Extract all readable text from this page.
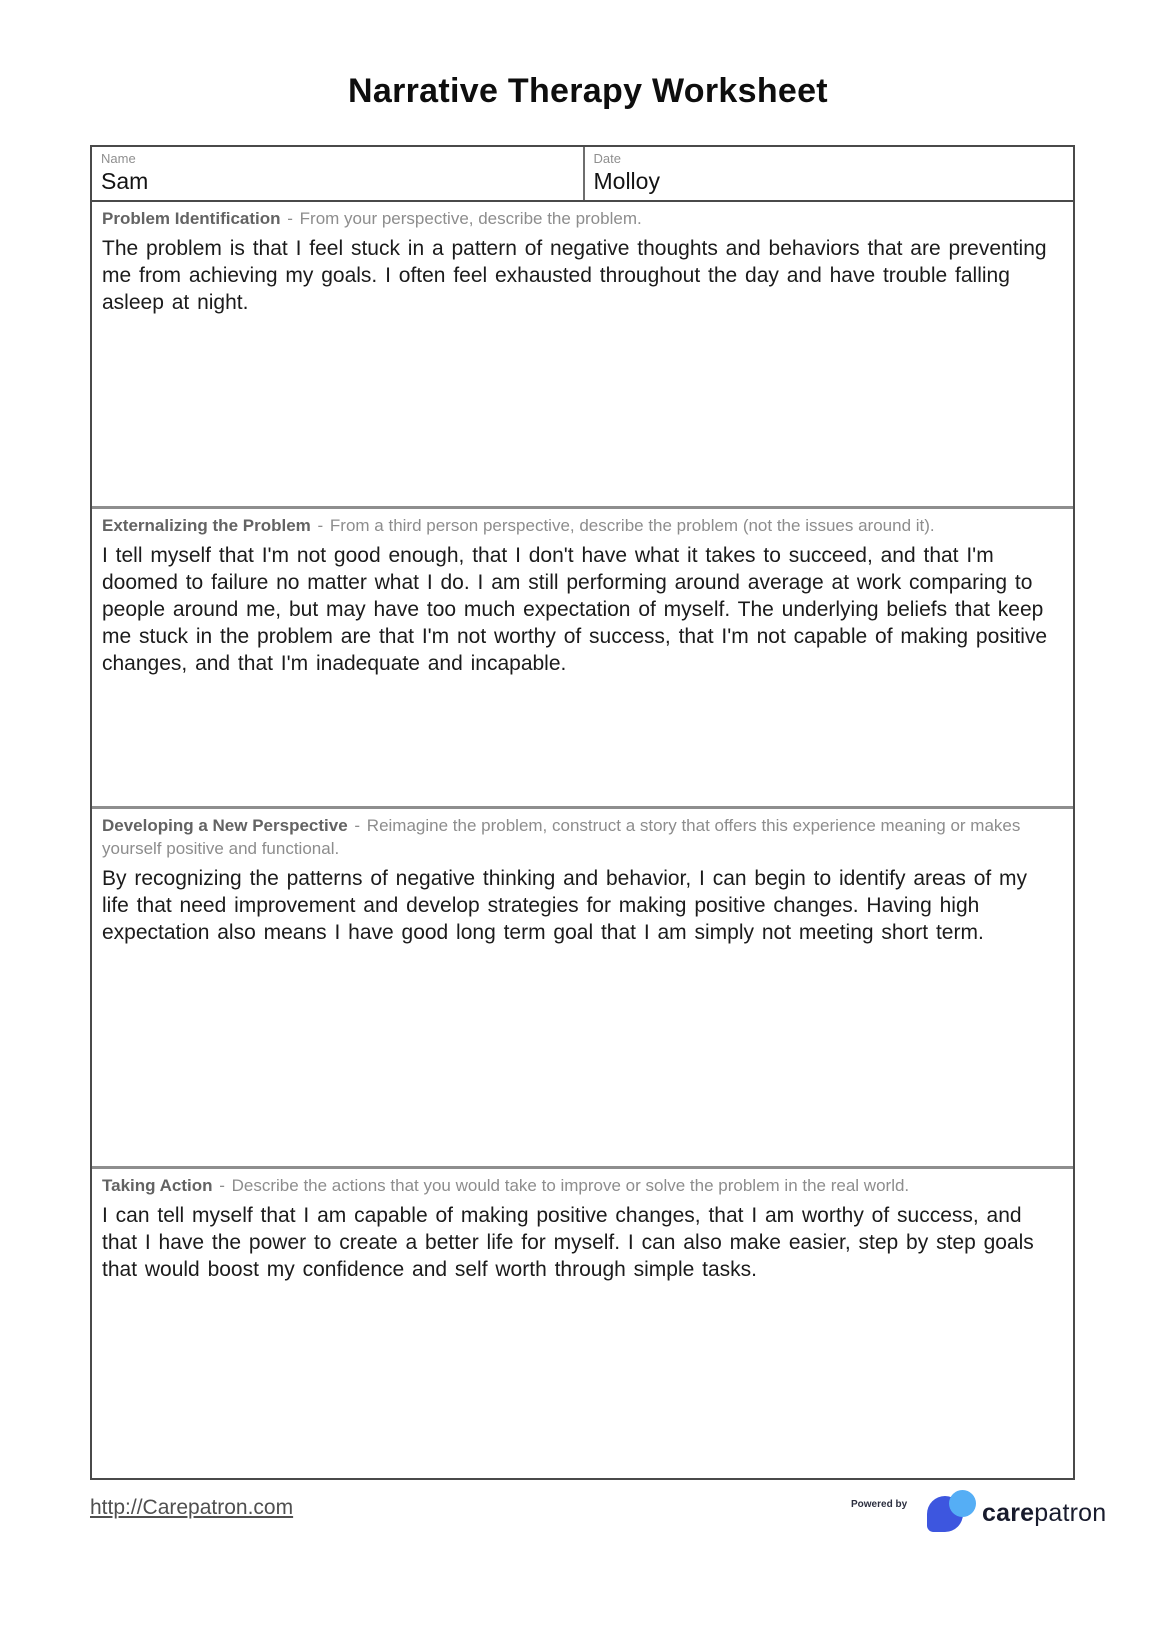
Narrative Therapy Worksheet
Name
Sam
Date
Molloy
Problem Identification - From your perspective, describe the problem.
The problem is that I feel stuck in a pattern of negative thoughts and behaviors that are preventing me from achieving my goals. I often feel exhausted throughout the day and have trouble falling asleep at night.
Externalizing the Problem - From a third person perspective, describe the problem (not the issues around it).
I tell myself that I'm not good enough, that I don't have what it takes to succeed, and that I'm doomed to failure no matter what I do. I am still performing around average at work comparing to people around me, but may have too much expectation of myself. The underlying beliefs that keep me stuck in the problem are that I'm not worthy of success, that I'm not capable of making positive changes, and that I'm inadequate and incapable.
Developing a New Perspective - Reimagine the problem, construct a story that offers this experience meaning or makes yourself positive and functional.
By recognizing the patterns of negative thinking and behavior, I can begin to identify areas of my life that need improvement and develop strategies for making positive changes. Having high expectation also means I have good long term goal that I am simply not meeting short term.
Taking Action - Describe the actions that you would take to improve or solve the problem in the real world.
I can tell myself that I am capable of making positive changes, that I am worthy of success, and that I have the power to create a better life for myself. I can also make easier, step by step goals that would boost my confidence and self worth through simple tasks.
http://Carepatron.com	Powered by	carepatron
